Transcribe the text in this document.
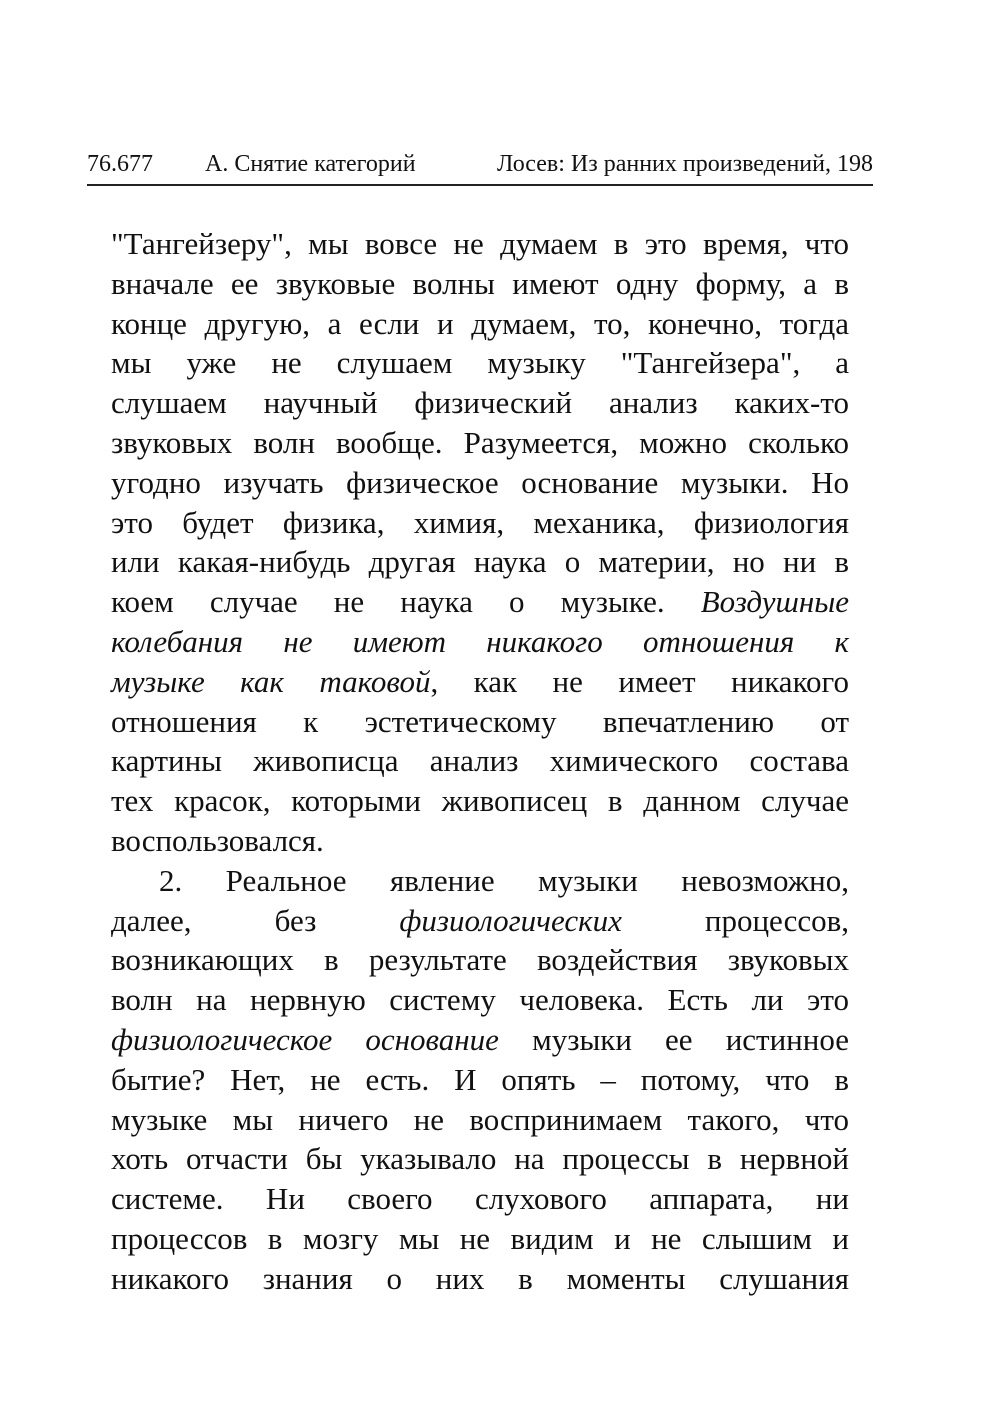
76.677 А. Снятие категорий	Лосев: Из ранних произведений, 198
"Тангейзеру", мы вовсе не думаем в это время, что
вначале ее звуковые волны имеют одну форму, а в
конце другую, а если и думаем, то, конечно, тогда
мы уже не слушаем музыку "Тангейзера", а
слушаем научный физический анализ каких-то
звуковых волн вообще. Разумеется, можно сколько
угодно изучать физическое основание музыки. Но
это будет физика, химия, механика, физиология
или какая-нибудь другая наука о материи, но ни в
коем случае не наука о музыке. Воздушные
колебания не имеют никакого отношения к
музыке как таковой, как не имеет никакого
отношения к эстетическому впечатлению от
картины живописца анализ химического состава
тех красок, которыми живописец в данном случае
воспользовался.
2. Реальное явление музыки невозможно,
далее, без физиологических процессов,
возникающих в результате воздействия звуковых
волн на нервную систему человека. Есть ли это
физиологическое основание музыки ее истинное
бытие? Нет, не есть. И опять – потому, что в
музыке мы ничего не воспринимаем такого, что
хоть отчасти бы указывало на процессы в нервной
системе. Ни своего слухового аппарата, ни
процессов в мозгу мы не видим и не слышим и
никакого знания о них в моменты слушания
